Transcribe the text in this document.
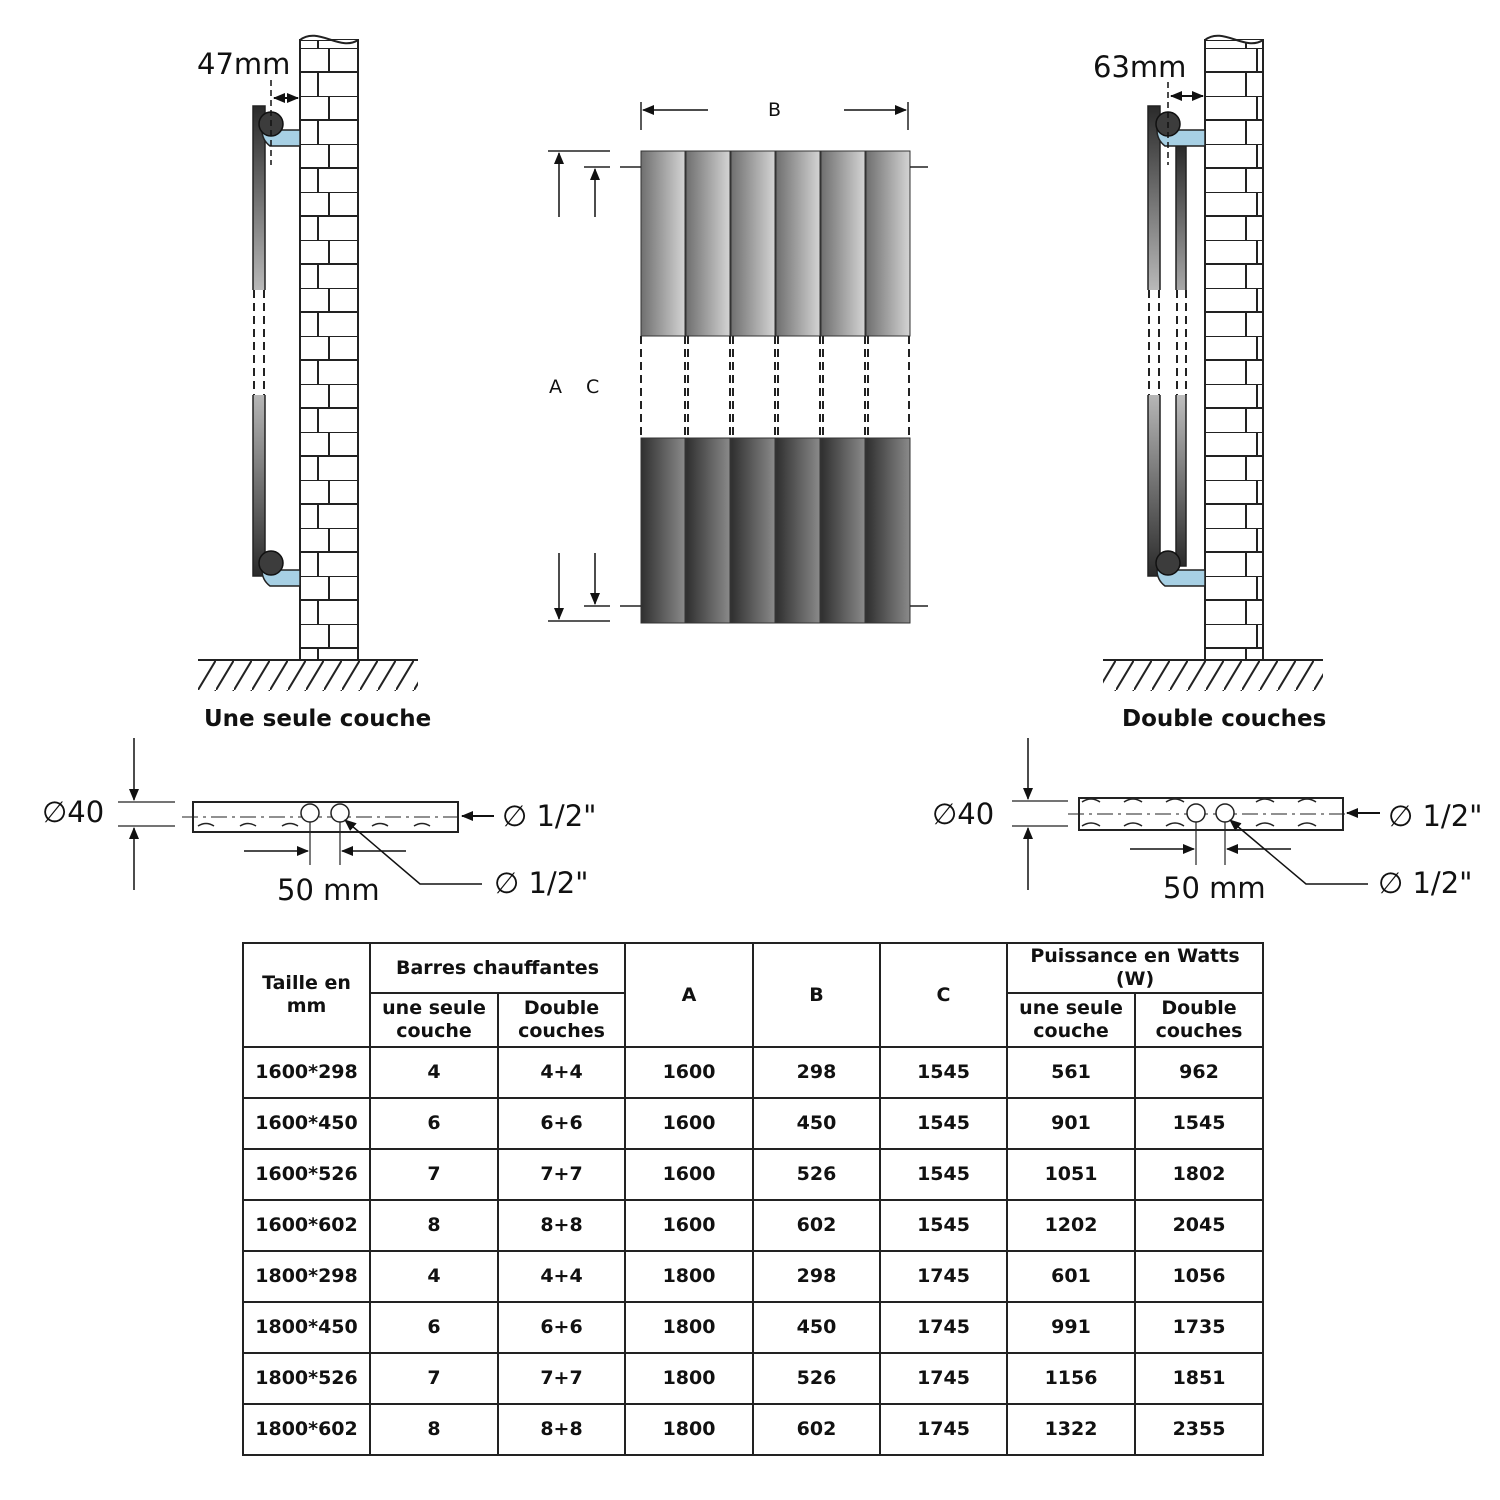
47mm	63mm
B
A C
Une seule couche	Double couches
∅40	∅ 1/2"
∅ 1/2"
50 mm
∅40	∅ 1/2"
∅ 1/2"
50 mm
Taille en mm	Barres chauffantes		A	B	C	Puissance en Watts (W)	
	une seule couche	Double couches				une seule couche	Double couches
1600*298	4	4+4	1600	298	1545	561	962
1600*450	6	6+6	1600	450	1545	901	1545
1600*526	7	7+7	1600	526	1545	1051	1802
1600*602	8	8+8	1600	602	1545	1202	2045
1800*298	4	4+4	1800	298	1745	601	1056
1800*450	6	6+6	1800	450	1745	991	1735
1800*526	7	7+7	1800	526	1745	1156	1851
1800*602	8	8+8	1800	602	1745	1322	2355
